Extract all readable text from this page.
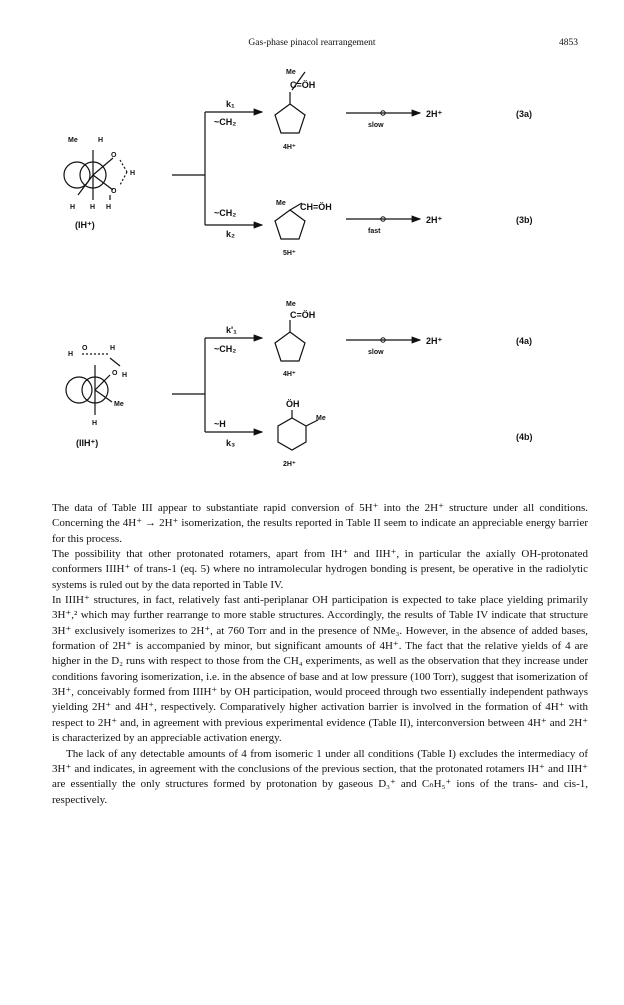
Gas-phase pinacol rearrangement	4853
Me	H
O
H
O
H H H
(IH⁺)
k₁
~CH₂
Me
C=ÖH
4H⁺
slow
2H⁺	(3a)
~CH₂
k₂
Me CH=ÖH
5H⁺
fast
2H⁺	(3b)
H
O	H
O H
Me
H
(IIH⁺)
k'₁
~CH₂
Me
C=ÖH
4H⁺
slow
2H⁺	(4a)
~H
k₃
ÖH
Me
2H⁺
(4b)

The data of Table III appear to substantiate rapid conversion of 5H⁺ into the 2H⁺ structure under all conditions. Concerning the 4H⁺ → 2H⁺ isomerization, the results reported in Table II seem to indicate an appreciable energy barrier for this process.

The possibility that other protonated rotamers, apart from IH⁺ and IIH⁺, in particular the axially OH-protonated conformers IIIH⁺ of trans-1 (eq. 5) where no intramolecular hydrogen bonding is present, be operative in the radiolytic systems is ruled out by the data reported in Table IV.

In IIIH⁺ structures, in fact, relatively fast anti-periplanar OH participation is expected to take place yielding primarily 3H⁺,² which may further rearrange to more stable structures. Accordingly, the results of Table IV indicate that structure 3H⁺ exclusively isomerizes to 2H⁺, at 760 Torr and in the presence of NMe₃. However, in the absence of added bases, formation of 2H⁺ is accompanied by minor, but significant amounts of 4H⁺. The fact that the relative yields of 4 are higher in the D₂ runs with respect to those from the CH₄ experiments, as well as the observation that they increase under conditions favoring isomerization, i.e. in the absence of base and at low pressure (100 Torr), suggest that isomerization of 3H⁺, conceivably formed from IIIH⁺ by OH participation, would proceed through two essentially independent pathways yielding 2H⁺ and 4H⁺, respectively. Comparatively higher activation barrier is involved in the formation of 4H⁺ with respect to 2H⁺ and, in agreement with previous experimental evidence (Table II), interconversion between 4H⁺ and 2H⁺ is characterized by an appreciable activation energy.

The lack of any detectable amounts of 4 from isomeric 1 under all conditions (Table I) excludes the intermediacy of 3H⁺ and indicates, in agreement with the conclusions of the previous section, that the protonated rotamers IH⁺ and IIH⁺ are essentially the only structures formed by protonation by gaseous D₃⁺ and CₙH₅⁺ ions of the trans- and cis-1, respectively.
